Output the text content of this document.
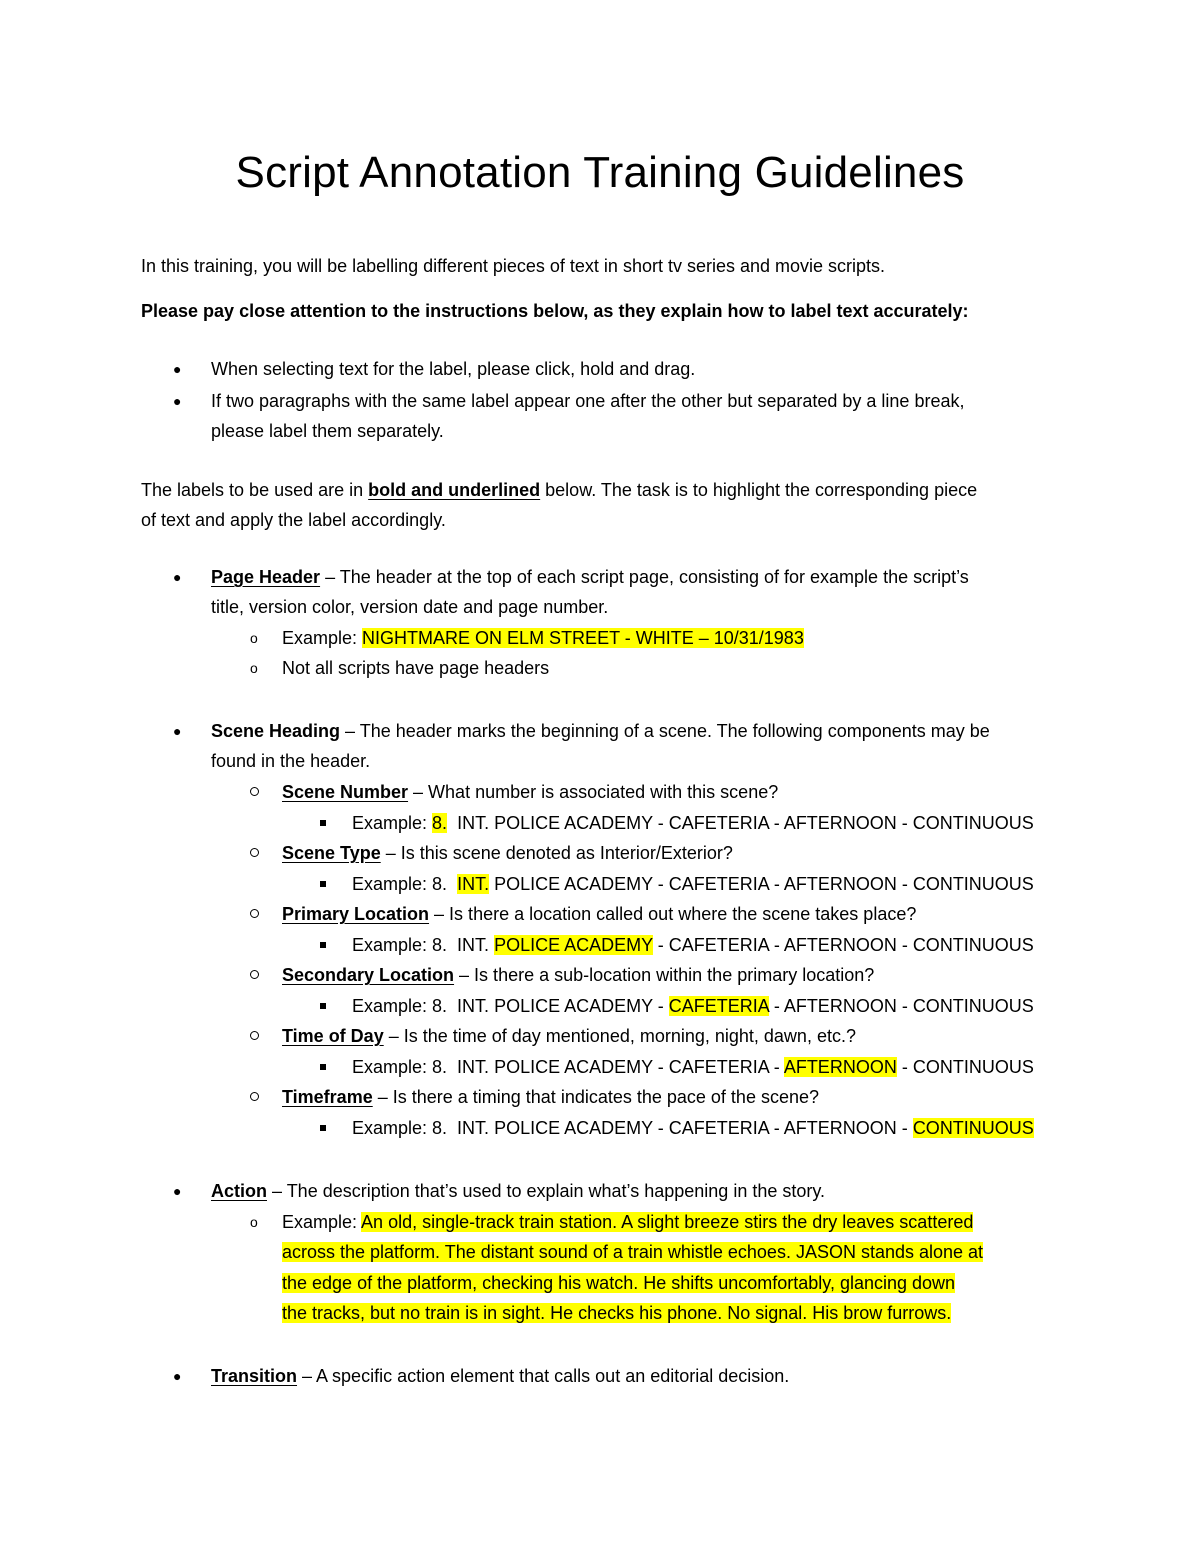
Script Annotation Training Guidelines
In this training, you will be labelling different pieces of text in short tv series and movie scripts.
Please pay close attention to the instructions below, as they explain how to label text accurately:
● When selecting text for the label, please click, hold and drag.
● If two paragraphs with the same label appear one after the other but separated by a line break,
please label them separately.
The labels to be used are in bold and underlined below. The task is to highlight the corresponding piece
of text and apply the label accordingly.
● Page Header – The header at the top of each script page, consisting of for example the script’s
title, version color, version date and page number.
o Example: NIGHTMARE ON ELM STREET - WHITE – 10/31/1983
o Not all scripts have page headers
● Scene Heading – The header marks the beginning of a scene. The following components may be
found in the header.
Scene Number – What number is associated with this scene?
Example: 8.  INT. POLICE ACADEMY - CAFETERIA - AFTERNOON - CONTINUOUS
Scene Type – Is this scene denoted as Interior/Exterior?
Example: 8.  INT. POLICE ACADEMY - CAFETERIA - AFTERNOON - CONTINUOUS
Primary Location – Is there a location called out where the scene takes place?
Example: 8.  INT. POLICE ACADEMY - CAFETERIA - AFTERNOON - CONTINUOUS
Secondary Location – Is there a sub-location within the primary location?
Example: 8.  INT. POLICE ACADEMY - CAFETERIA - AFTERNOON - CONTINUOUS
Time of Day – Is the time of day mentioned, morning, night, dawn, etc.?
Example: 8.  INT. POLICE ACADEMY - CAFETERIA - AFTERNOON - CONTINUOUS
Timeframe – Is there a timing that indicates the pace of the scene?
Example: 8.  INT. POLICE ACADEMY - CAFETERIA - AFTERNOON - CONTINUOUS
● Action – The description that’s used to explain what’s happening in the story.
o Example: An old, single-track train station. A slight breeze stirs the dry leaves scattered
across the platform. The distant sound of a train whistle echoes. JASON stands alone at
the edge of the platform, checking his watch. He shifts uncomfortably, glancing down
the tracks, but no train is in sight. He checks his phone. No signal. His brow furrows.
● Transition – A specific action element that calls out an editorial decision.
